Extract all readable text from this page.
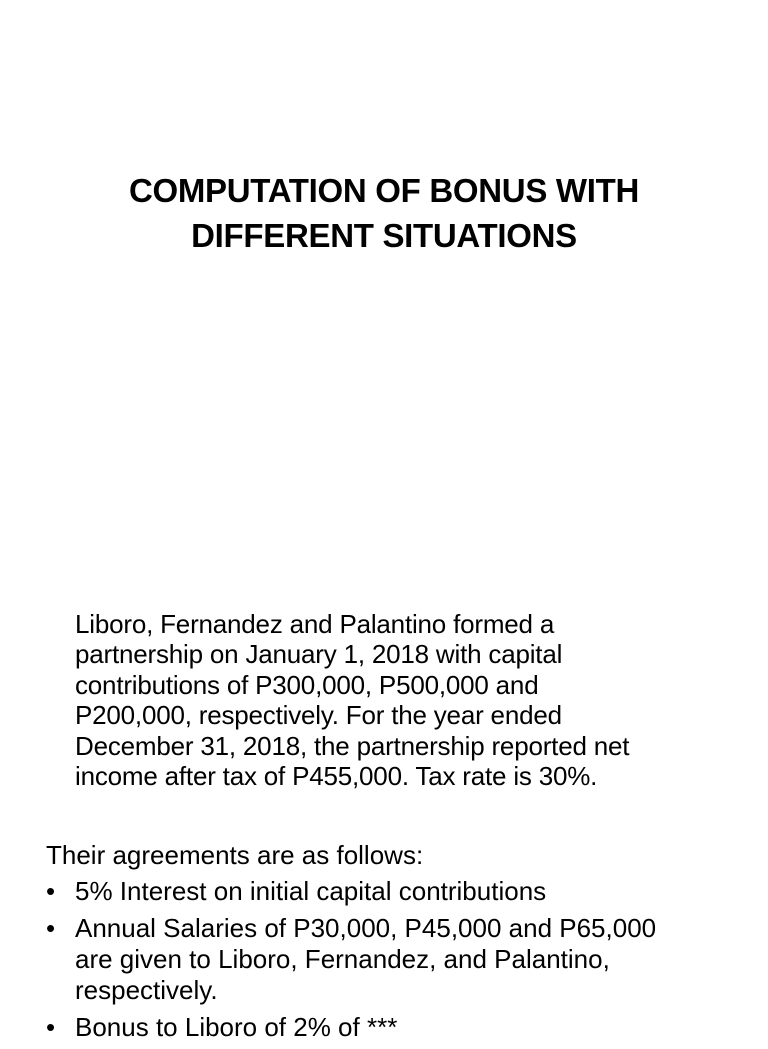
COMPUTATION OF BONUS WITH
DIFFERENT SITUATIONS

Liboro, Fernandez and Palantino formed a
partnership on January 1, 2018 with capital
contributions of P300,000, P500,000 and
P200,000, respectively. For the year ended
December 31, 2018, the partnership reported net
income after tax of P455,000. Tax rate is 30%.

Their agreements are as follows:

• 5% Interest on initial capital contributions
• Annual Salaries of P30,000, P45,000 and P65,000
are given to Liboro, Fernandez, and Palantino,
respectively.
• Bonus to Liboro of 2% of ***
